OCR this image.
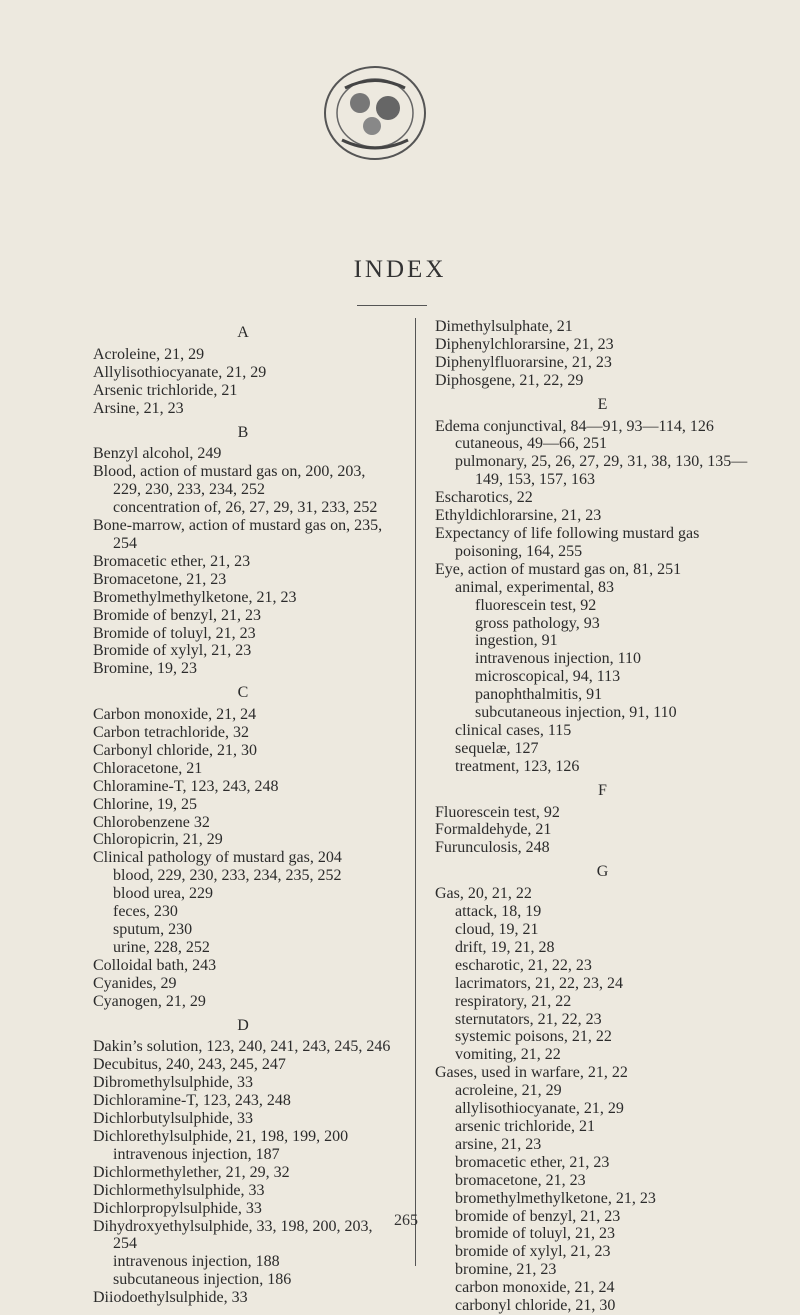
INDEX
A
Acroleine, 21, 29
Allylisothiocyanate, 21, 29
Arsenic trichloride, 21
Arsine, 21, 23
B
Benzyl alcohol, 249
Blood, action of mustard gas on, 200, 203, 229, 230, 233, 234, 252
concentration of, 26, 27, 29, 31, 233, 252
Bone-marrow, action of mustard gas on, 235, 254
Bromacetic ether, 21, 23
Bromacetone, 21, 23
Bromethylmethylketone, 21, 23
Bromide of benzyl, 21, 23
Bromide of toluyl, 21, 23
Bromide of xylyl, 21, 23
Bromine, 19, 23
C
Carbon monoxide, 21, 24
Carbon tetrachloride, 32
Carbonyl chloride, 21, 30
Chloracetone, 21
Chloramine-T, 123, 243, 248
Chlorine, 19, 25
Chlorobenzene 32
Chloropicrin, 21, 29
Clinical pathology of mustard gas, 204
blood, 229, 230, 233, 234, 235, 252
blood urea, 229
feces, 230
sputum, 230
urine, 228, 252
Colloidal bath, 243
Cyanides, 29
Cyanogen, 21, 29
D
Dakin’s solution, 123, 240, 241, 243, 245, 246
Decubitus, 240, 243, 245, 247
Dibromethylsulphide, 33
Dichloramine-T, 123, 243, 248
Dichlorbutylsulphide, 33
Dichlorethylsulphide, 21, 198, 199, 200
intravenous injection, 187
Dichlormethylether, 21, 29, 32
Dichlormethylsulphide, 33
Dichlorpropylsulphide, 33
Dihydroxyethylsulphide, 33, 198, 200, 203, 254
intravenous injection, 188
subcutaneous injection, 186
Diiodoethylsulphide, 33
Dimethylsulphate, 21
Diphenylchlorarsine, 21, 23
Diphenylfluorarsine, 21, 23
Diphosgene, 21, 22, 29
E
Edema conjunctival, 84—91, 93—114, 126
cutaneous, 49—66, 251
pulmonary, 25, 26, 27, 29, 31, 38, 130, 135—149, 153, 157, 163
Escharotics, 22
Ethyldichlorarsine, 21, 23
Expectancy of life following mustard gas poisoning, 164, 255
Eye, action of mustard gas on, 81, 251
animal, experimental, 83
fluorescein test, 92
gross pathology, 93
ingestion, 91
intravenous injection, 110
microscopical, 94, 113
panophthalmitis, 91
subcutaneous injection, 91, 110
clinical cases, 115
sequelæ, 127
treatment, 123, 126
F
Fluorescein test, 92
Formaldehyde, 21
Furunculosis, 248
G
Gas, 20, 21, 22
attack, 18, 19
cloud, 19, 21
drift, 19, 21, 28
escharotic, 21, 22, 23
lacrimators, 21, 22, 23, 24
respiratory, 21, 22
sternutators, 21, 22, 23
systemic poisons, 21, 22
vomiting, 21, 22
Gases, used in warfare, 21, 22
acroleine, 21, 29
allylisothiocyanate, 21, 29
arsenic trichloride, 21
arsine, 21, 23
bromacetic ether, 21, 23
bromacetone, 21, 23
bromethylmethylketone, 21, 23
bromide of benzyl, 21, 23
bromide of toluyl, 21, 23
bromide of xylyl, 21, 23
bromine, 21, 23
carbon monoxide, 21, 24
carbonyl chloride, 21, 30
265
